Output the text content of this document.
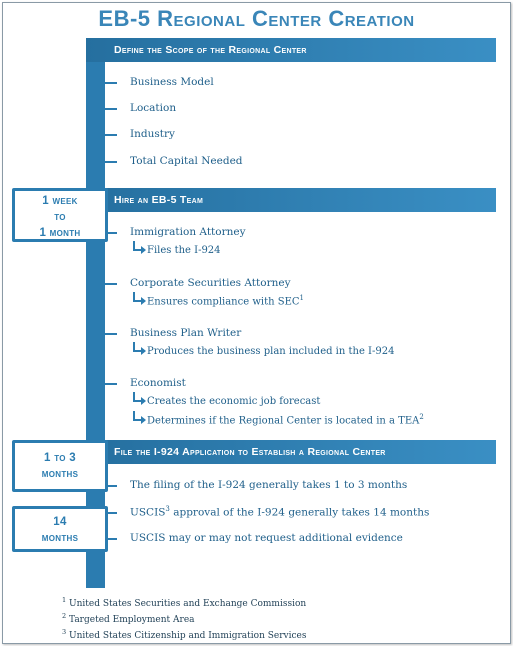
EB-5 Regional Center Creation
Define the Scope of the Regional Center
Business Model
Location
Industry
Total Capital Needed
Hire an EB-5 Team
1 week
to
1 month	Immigration Attorney
Files the I-924
Corporate Securities Attorney
Ensures compliance with SEC$^1$
Business Plan Writer
Produces the business plan included in the I-924
Economist
Creates the economic job forecast
Determines if the Regional Center is located in a TEA$^2$
File the I-924 Application to Establish a Regional Center
1 to 3
months
14
months
The filing of the I-924 generally takes 1 to 3 months
USCIS$^3$ approval of the I-924 generally takes 14 months
USCIS may or may not request additional evidence
$^1$ United States Securities and Exchange Commission
$^2$ Targeted Employment Area
$^3$ United States Citizenship and Immigration Services
